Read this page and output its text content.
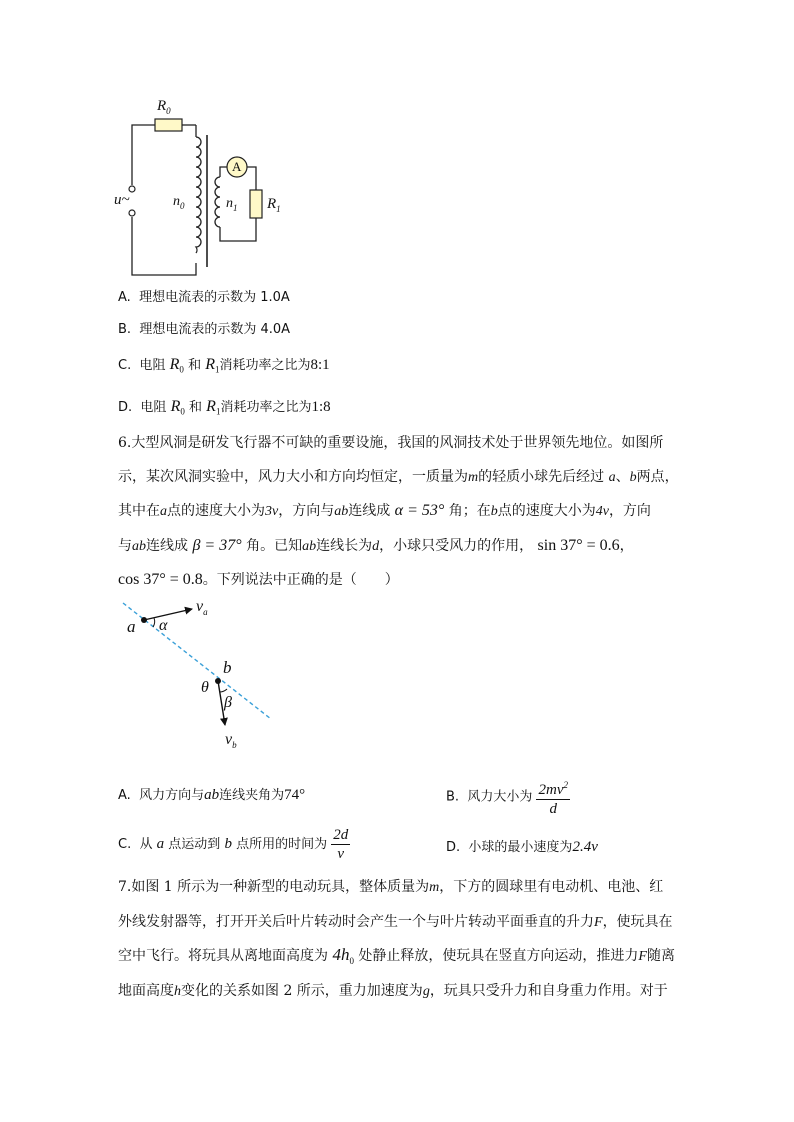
$R_0$
u~	$n_0$	$n_1$ $R_1$
A
A. 理想电流表的示数为 1.0A
B. 理想电流表的示数为 4.0A
C. 电阻 $R_0$ 和 $R_1$消耗功率之比为8:1
D. 电阻 $R_0$ 和 $R_1$消耗功率之比为1:8
6.大型风洞是研发飞行器不可缺的重要设施，我国的风洞技术处于世界领先地位。如图所
示，某次风洞实验中，风力大小和方向均恒定，一质量为m的轻质小球先后经过 a、b两点，
其中在a点的速度大小为3v，方向与ab连线成 α = 53° 角；在b点的速度大小为4v，方向
与ab连线成 β = 37° 角。已知ab连线长为d，小球只受风力的作用， sin 37° = 0.6，
cos 37° = 0.8。下列说法中正确的是（　　）
a α
$v_a$
b
θ
β
$v_b$
A. 风力方向与ab连线夹角为74°	B. 风力大小为 $\frac{2mv^2}{d}$
C. 从 a 点运动到 b 点所用的时间为 $\frac{2d}{v}$	D. 小球的最小速度为2.4v
7.如图 1 所示为一种新型的电动玩具，整体质量为m，下方的圆球里有电动机、电池、红
外线发射器等，打开开关后叶片转动时会产生一个与叶片转动平面垂直的升力F，使玩具在
空中飞行。将玩具从离地面高度为 $4h_0$ 处静止释放，使玩具在竖直方向运动，推进力F随离
地面高度h变化的关系如图 2 所示，重力加速度为g，玩具只受升力和自身重力作用。对于
